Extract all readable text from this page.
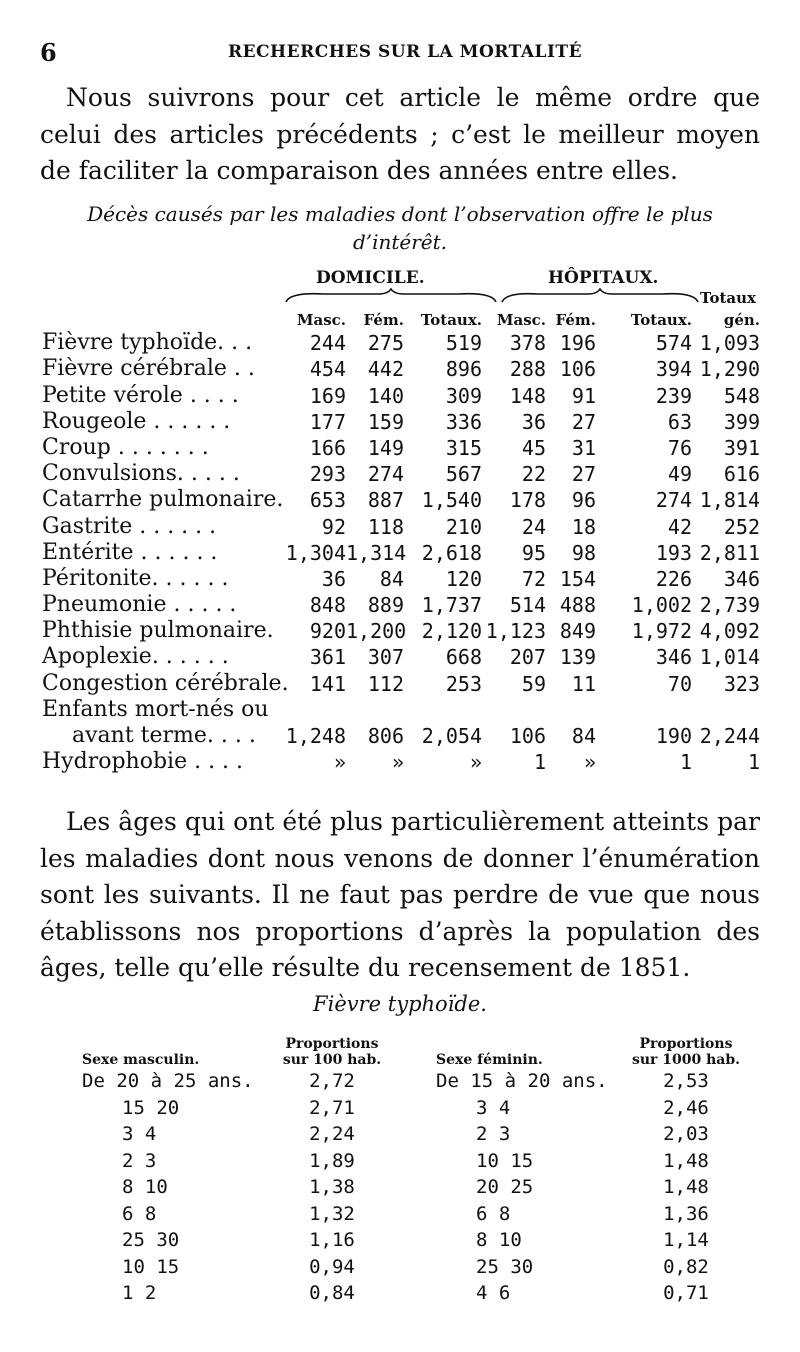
6	RECHERCHES SUR LA MORTALITÉ

Nous suivrons pour cet article le même ordre que celui des articles précédents ; c’est le meilleur moyen de faciliter la comparaison des années entre elles.

Décès causés par les maladies dont l’observation offre le plus d’intérêt.

DOMICILE.	HÔPITAUX.
Totaux
	Masc.	Fém.	Totaux.	Masc.	Fém.	Totaux.	gén.
Fièvre typhoïde. . .	244	275	519	378	196	574	1,093
Fièvre cérébrale . .	454	442	896	288	106	394	1,290
Petite vérole . . . .	169	140	309	148	91	239	548
Rougeole . . . . . .	177	159	336	36	27	63	399
Croup . . . . . . .	166	149	315	45	31	76	391
Convulsions. . . . .	293	274	567	22	27	49	616
Catarrhe pulmonaire.	653	887	1,540	178	96	274	1,814
Gastrite . . . . . .	92	118	210	24	18	42	252
Entérite . . . . . .	1,304	1,314	2,618	95	98	193	2,811
Péritonite. . . . . .	36	84	120	72	154	226	346
Pneumonie . . . . .	848	889	1,737	514	488	1,002	2,739
Phthisie pulmonaire.	920	1,200	2,120	1,123	849	1,972	4,092
Apoplexie. . . . . .	361	307	668	207	139	346	1,014
Congestion cérébrale.	141	112	253	59	11	70	323
Enfants mort-nés ou							
avant terme. . . .	1,248	806	2,054	106	84	190	2,244
Hydrophobie . . . .	»	»	»	1	»	1	1

Les âges qui ont été plus particulièrement atteints par les maladies dont nous venons de donner l’énumération sont les suivants. Il ne faut pas perdre de vue que nous établissons nos proportions d’après la population des âges, telle qu’elle résulte du recensement de 1851.

Fièvre typhoïde.

Sexe masculin.	Proportions
sur 100 hab.

De 20 à 25 ans.	2,72
15 20	2,71
3 4	2,24
2 3	1,89
8 10	1,38
6 8	1,32
25 30	1,16
10 15	0,94
1 2	0,84
Sexe féminin.	Proportions
sur 1000 hab.

De 15 à 20 ans.	2,53
3 4	2,46
2 3	2,03
10 15	1,48
20 25	1,48
6 8	1,36
8 10	1,14
25 30	0,82
4 6	0,71
